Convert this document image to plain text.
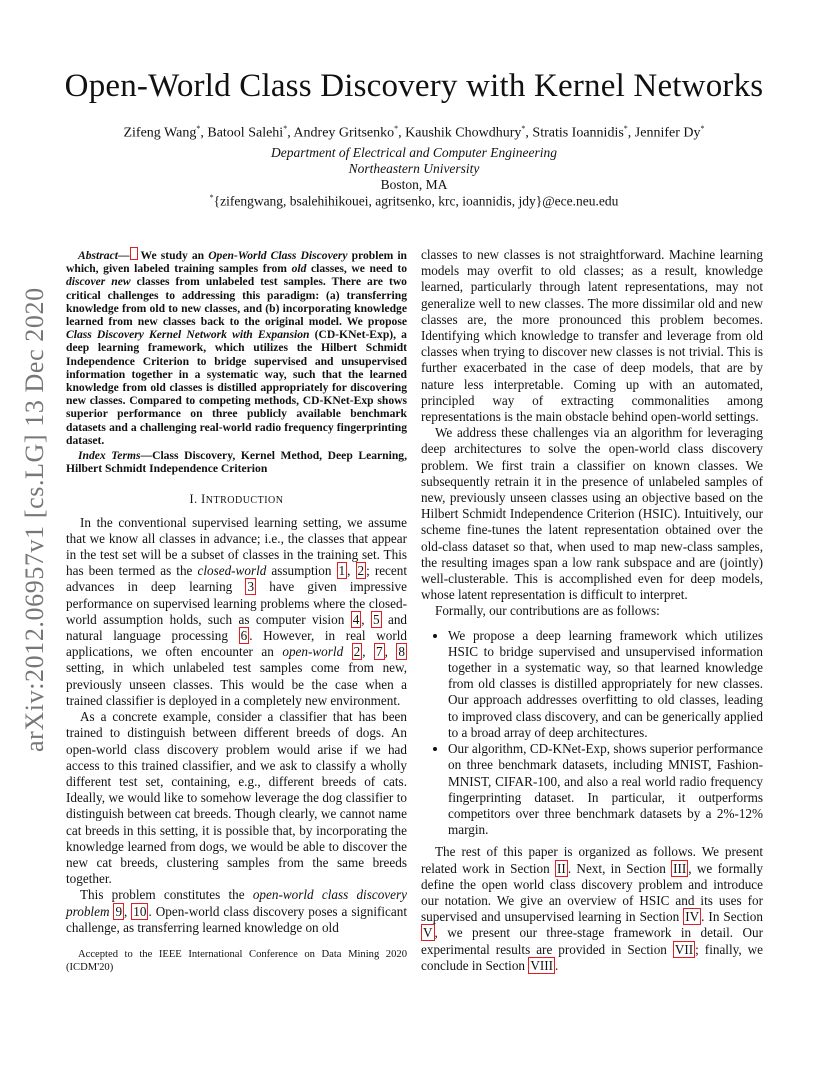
Open-World Class Discovery with Kernel Networks
Zifeng Wang*, Batool Salehi*, Andrey Gritsenko*, Kaushik Chowdhury*, Stratis Ioannidis*, Jennifer Dy*
Department of Electrical and Computer Engineering
Northeastern University
Boston, MA
*{zifengwang, bsalehihikouei, agritsenko, krc, ioannidis, jdy}@ece.neu.edu
arXiv:2012.06957v1 [cs.LG] 13 Dec 2020

Abstract— We study an Open-World Class Discovery problem in which, given labeled training samples from old classes, we need to discover new classes from unlabeled test samples. There are two critical challenges to addressing this paradigm: (a) transferring knowledge from old to new classes, and (b) incorporating knowledge learned from new classes back to the original model. We propose Class Discovery Kernel Network with Expansion (CD-KNet-Exp), a deep learning framework, which utilizes the Hilbert Schmidt Independence Criterion to bridge supervised and unsupervised information together in a systematic way, such that the learned knowledge from old classes is distilled appropriately for discovering new classes. Compared to competing methods, CD-KNet-Exp shows superior performance on three publicly available benchmark datasets and a challenging real-world radio frequency fingerprinting dataset.

Index Terms—Class Discovery, Kernel Method, Deep Learning, Hilbert Schmidt Independence Criterion

I. INTRODUCTION

In the conventional supervised learning setting, we assume that we know all classes in advance; i.e., the classes that appear in the test set will be a subset of classes in the training set. This has been termed as the closed-world assumption 1 , 2 ; recent advances in deep learning 3 have given impressive performance on supervised learning problems where the closed-world assumption holds, such as computer vision 4 , 5 and natural language processing 6 . However, in real world applications, we often encounter an open-world 2 , 7 , 8 setting, in which unlabeled test samples come from new, previously unseen classes. This would be the case when a trained classifier is deployed in a completely new environment.

As a concrete example, consider a classifier that has been trained to distinguish between different breeds of dogs. An open-world class discovery problem would arise if we had access to this trained classifier, and we ask to classify a wholly different test set, containing, e.g., different breeds of cats. Ideally, we would like to somehow leverage the dog classifier to distinguish between cat breeds. Though clearly, we cannot name cat breeds in this setting, it is possible that, by incorporating the knowledge learned from dogs, we would be able to discover the new cat breeds, clustering samples from the same breeds together.

This problem constitutes the open-world class discovery problem 9 , 10 . Open-world class discovery poses a significant challenge, as transferring learned knowledge on old

Accepted to the IEEE International Conference on Data Mining 2020 (ICDM'20)

classes to new classes is not straightforward. Machine learning models may overfit to old classes; as a result, knowledge learned, particularly through latent representations, may not generalize well to new classes. The more dissimilar old and new classes are, the more pronounced this problem becomes. Identifying which knowledge to transfer and leverage from old classes when trying to discover new classes is not trivial. This is further exacerbated in the case of deep models, that are by nature less interpretable. Coming up with an automated, principled way of extracting commonalities among representations is the main obstacle behind open-world settings.

We address these challenges via an algorithm for leveraging deep architectures to solve the open-world class discovery problem. We first train a classifier on known classes. We subsequently retrain it in the presence of unlabeled samples of new, previously unseen classes using an objective based on the Hilbert Schmidt Independence Criterion (HSIC). Intuitively, our scheme fine-tunes the latent representation obtained over the old-class dataset so that, when used to map new-class samples, the resulting images span a low rank subspace and are (jointly) well-clusterable. This is accomplished even for deep models, whose latent representation is difficult to interpret.

Formally, our contributions are as follows:

• We propose a deep learning framework which utilizes HSIC to bridge supervised and unsupervised information together in a systematic way, so that learned knowledge from old classes is distilled appropriately for new classes. Our approach addresses overfitting to old classes, leading to improved class discovery, and can be generically applied to a broad array of deep architectures.
• Our algorithm, CD-KNet-Exp, shows superior performance on three benchmark datasets, including MNIST, Fashion-MNIST, CIFAR-100, and also a real world radio frequency fingerprinting dataset. In particular, it outperforms competitors over three benchmark datasets by a 2%-12% margin.

The rest of this paper is organized as follows. We present related work in Section II . Next, in Section III , we formally define the open world class discovery problem and introduce our notation. We give an overview of HSIC and its uses for supervised and unsupervised learning in Section IV . In Section V , we present our three-stage framework in detail. Our experimental results are provided in Section VII ; finally, we conclude in Section VIII .
